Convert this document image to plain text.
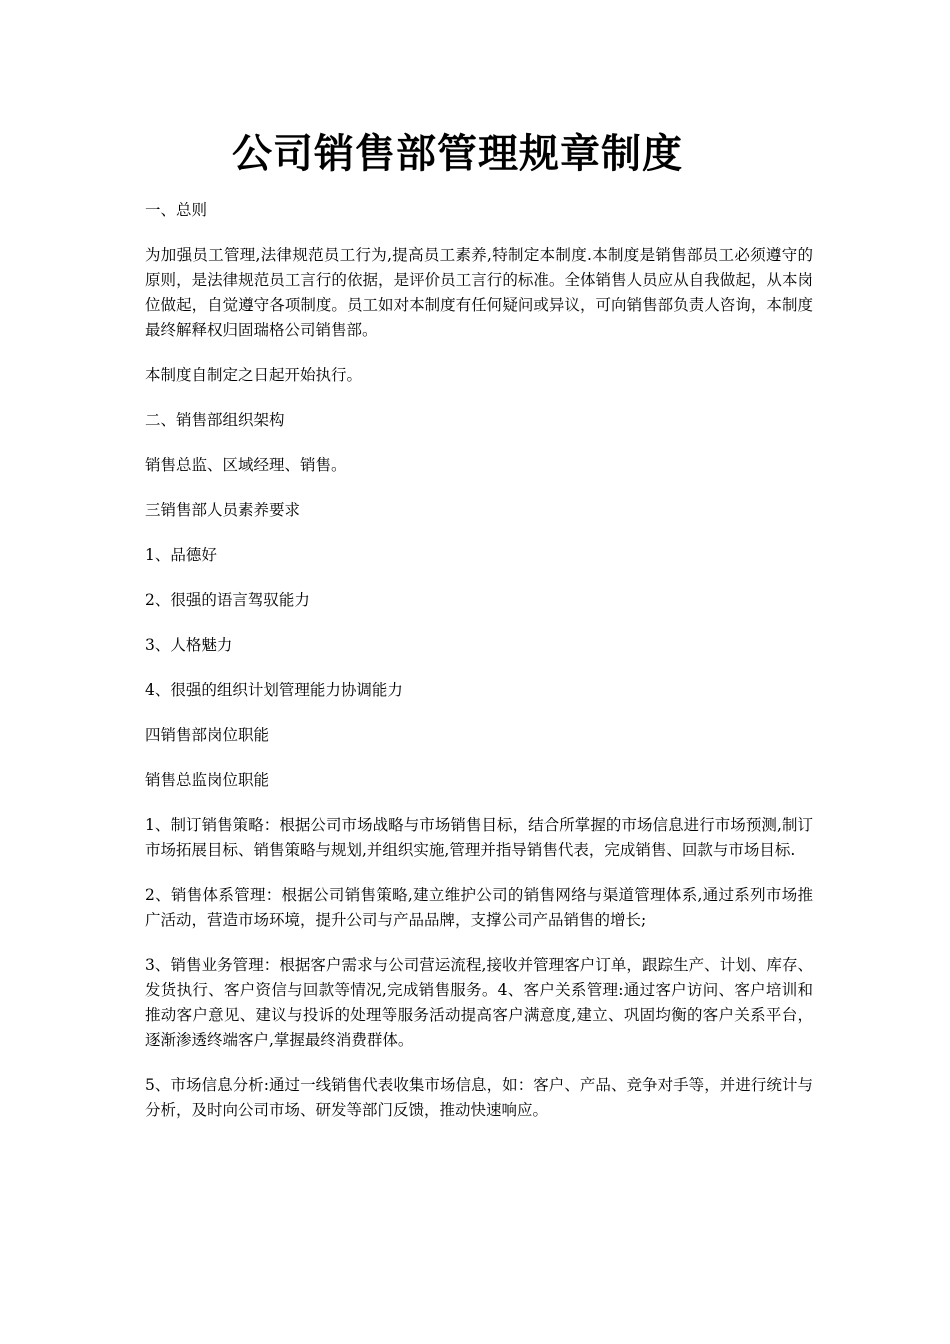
公司销售部管理规章制度

一、总则

为加强员工管理,法律规范员工行为,提高员工素养,特制定本制度.本制度是销售部员工必须遵守的原则，是法律规范员工言行的依据，是评价员工言行的标准。全体销售人员应从自我做起，从本岗位做起，自觉遵守各项制度。员工如对本制度有任何疑问或异议，可向销售部负责人咨询，本制度最终解释权归固瑞格公司销售部。

本制度自制定之日起开始执行。

二、销售部组织架构

销售总监、区域经理、销售。

三销售部人员素养要求

1、品德好

2、很强的语言驾驭能力

3、人格魅力

4、很强的组织计划管理能力协调能力

四销售部岗位职能

销售总监岗位职能

1、制订销售策略：根据公司市场战略与市场销售目标，结合所掌握的市场信息进行市场预测,制订市场拓展目标、销售策略与规划,并组织实施,管理并指导销售代表，完成销售、回款与市场目标.

2、销售体系管理：根据公司销售策略,建立维护公司的销售网络与渠道管理体系,通过系列市场推广活动，营造市场环境，提升公司与产品品牌，支撑公司产品销售的增长;

3、销售业务管理：根据客户需求与公司营运流程,接收并管理客户订单，跟踪生产、计划、库存、发货执行、客户资信与回款等情况,完成销售服务。4、客户关系管理:通过客户访问、客户培训和推动客户意见、建议与投诉的处理等服务活动提高客户满意度,建立、巩固均衡的客户关系平台，逐渐渗透终端客户,掌握最终消费群体。

5、市场信息分析:通过一线销售代表收集市场信息，如：客户、产品、竞争对手等，并进行统计与分析，及时向公司市场、研发等部门反馈，推动快速响应。
